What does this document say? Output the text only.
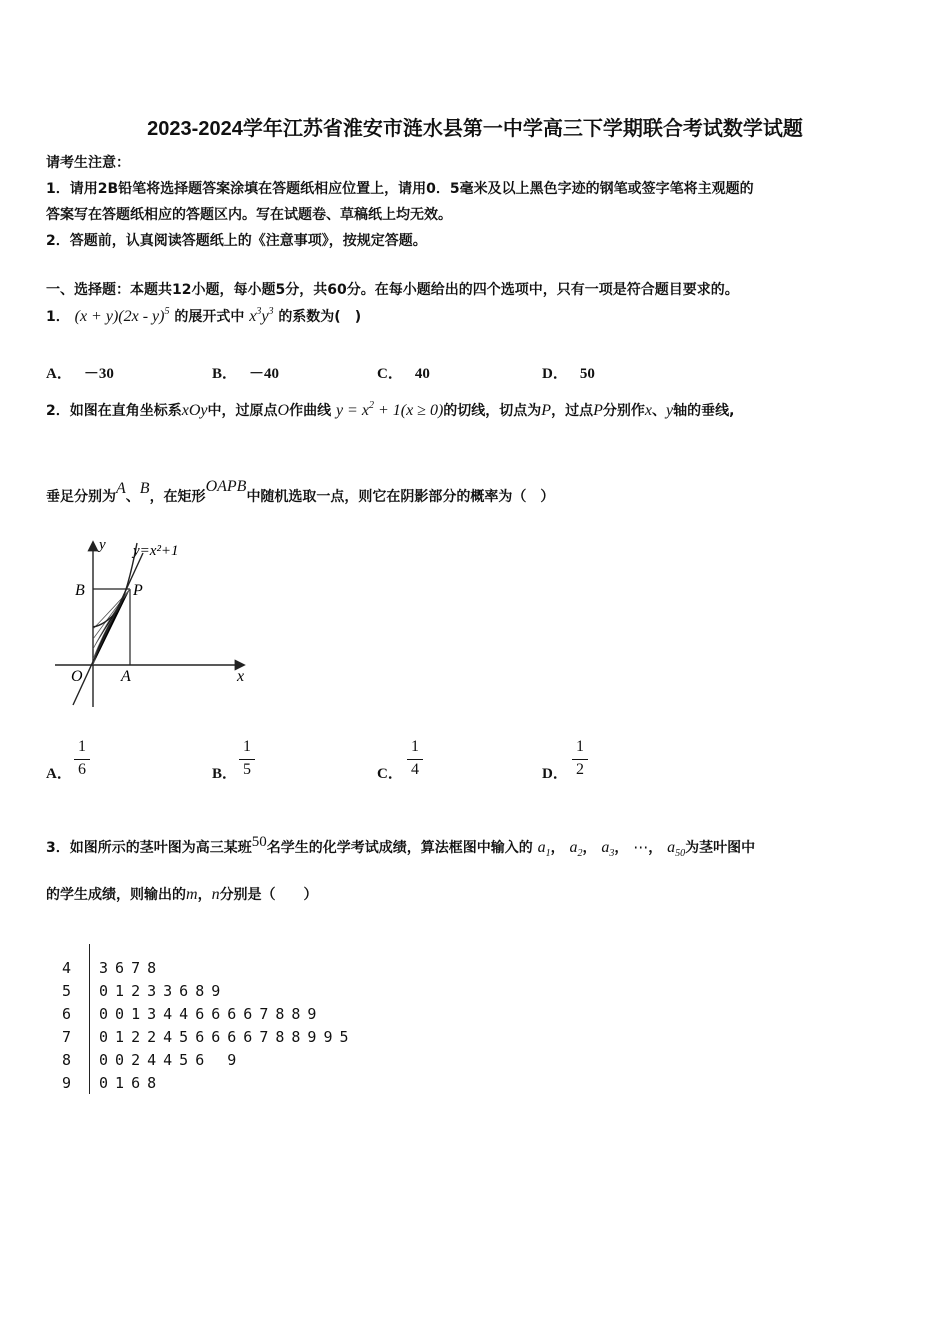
2023-2024学年江苏省淮安市涟水县第一中学高三下学期联合考试数学试题
请考生注意：
1．请用2B铅笔将选择题答案涂填在答题纸相应位置上，请用0．5毫米及以上黑色字迹的钢笔或签字笔将主观题的
答案写在答题纸相应的答题区内。写在试题卷、草稿纸上均无效。
2．答题前，认真阅读答题纸上的《注意事项》，按规定答题。
一、选择题：本题共12小题，每小题5分，共60分。在每小题给出的四个选项中，只有一项是符合题目要求的。
1． (x + y)(2x - y)$^5$ 的展开式中 $x^3y^3$ 的系数为(　)
A． －30	B． －40	C． 40	D． 50
2．如图在直角坐标系xOy中，过原点O作曲线 $y = x^2 + 1(x \ge 0)$的切线，切点为P，过点P分别作x、y轴的垂线,
垂足分别为A、B，在矩形OAPB中随机选取一点，则它在阴影部分的概率为（　）
y y=x²+1
B	P
O A	x
A．
1
6	B．
1
5	C．
1
4	D．
1
2
3．如图所示的茎叶图为高三某班50名学生的化学考试成绩，算法框图中输入的 $a_1$， $a_2$， $a_3$， ⋯， $a_{50}$为茎叶图中
的学生成绩，则输出的m，n分别是（　　）
4 3678
5 01233689
6 00134466667889
7 0122456666788995
8 0024456 9
9 0168
